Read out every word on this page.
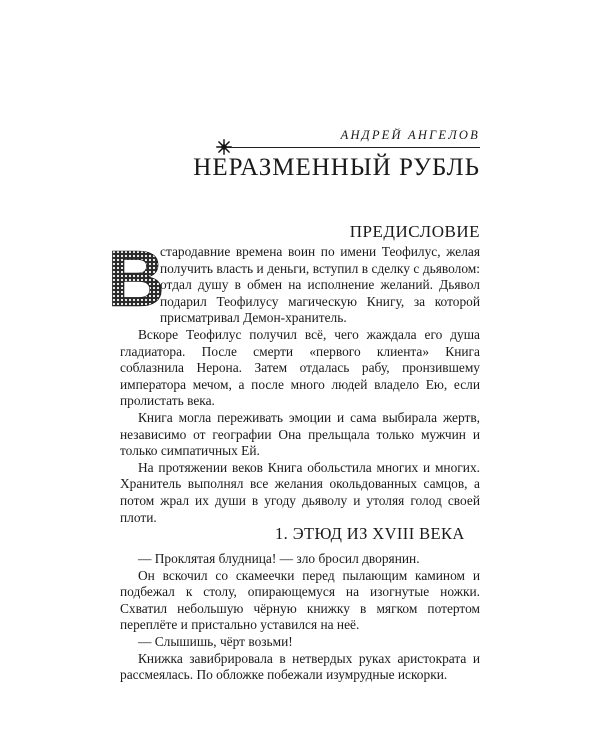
АНДРЕЙ АНГЕЛОВ
НЕРАЗМЕННЫЙ РУБЛЬ
ПРЕДИСЛОВИЕ

В
стародавние времена воин по имени Теофилус, желая получить власть и деньги, вступил в сделку с дьяволом: отдал душу в обмен на исполнение желаний. Дьявол подарил Теофилусу магическую Книгу, за которой присматривал Демон-хранитель.

Вскоре Теофилус получил всё, чего жаждала его душа гладиатора. После смерти «первого клиента» Книга соблазнила Нерона. Затем отдалась рабу, пронзившему императора мечом, а после много людей владело Ею, если пролистать века.

Книга могла переживать эмоции и сама выбирала жертв, независимо от географии Она прельщала только мужчин и только симпатичных Ей.

На протяжении веков Книга обольстила многих и многих. Хранитель выполнял все желания окольдованных самцов, а потом жрал их души в угоду дьяволу и утоляя голод своей плоти.

1. ЭТЮД ИЗ XVIII ВЕКА

— Проклятая блудница! — зло бросил дворянин.

Он вскочил со скамеечки перед пылающим камином и подбежал к столу, опирающемуся на изогнутые ножки. Схватил небольшую чёрную книжку в мягком потертом переплёте и пристально уставился на неё.

— Слышишь, чёрт возьми!

Книжка завибрировала в нетвердых руках аристократа и рассмеялась. По обложке побежали изумрудные искорки.
